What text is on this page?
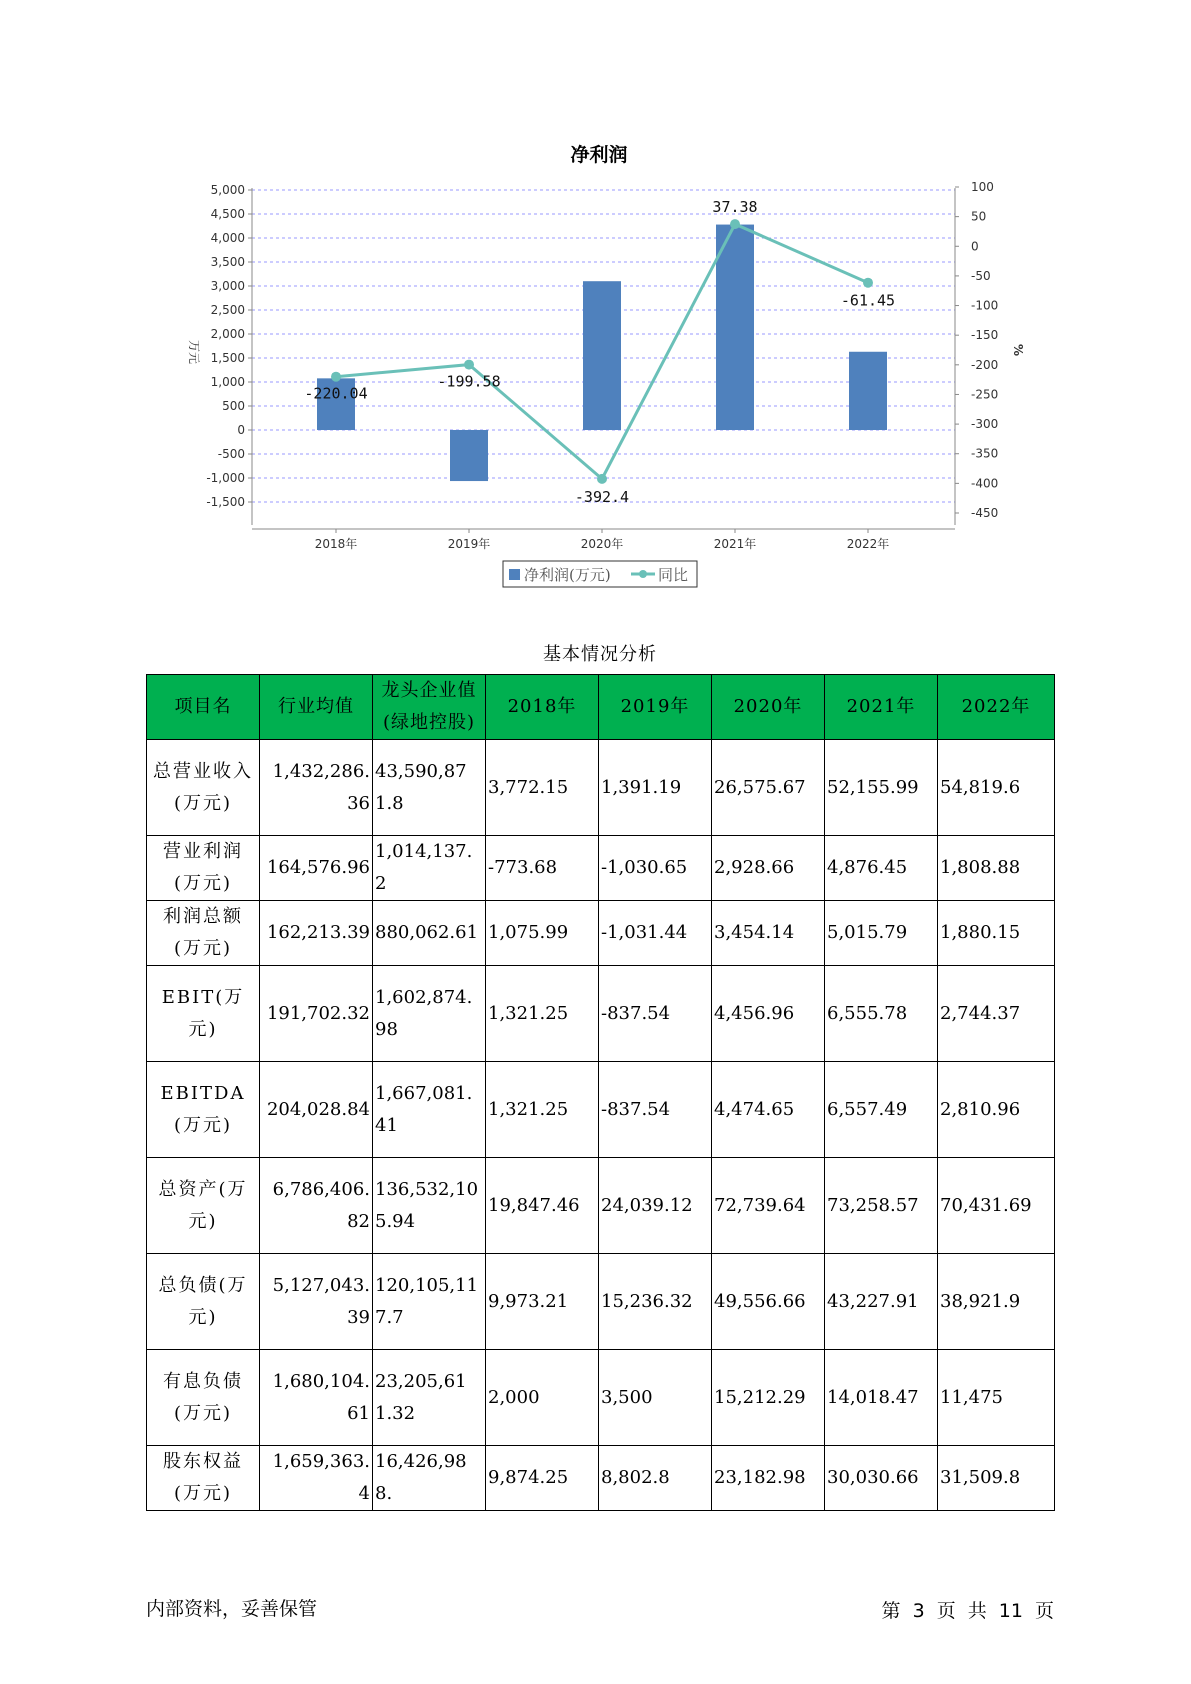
净利润
5,000
4,500
4,000
3,500
3,000
2,500
2,000
1,500
1,000
500
0
-500
-1,000
-1,500
100
50
0
-50
-100
-150
-200
-250
-300
-350
-400
-450
万元	%
2018年	2019年	2020年	2021年	2022年
-220.04
-199.58
-392.4
37.38
-61.45
净利润(万元)	同比
基本情况分析
项目名	行业均值	龙头企业值(绿地控股)	2018年	2019年	2020年	2021年	2022年
总营业收入(万元)	1,432,286.36	43,590,871.8	3,772.15	1,391.19	26,575.67	52,155.99	54,819.6
营业利润(万元)	164,576.96	1,014,137.2	-773.68	-1,030.65	2,928.66	4,876.45	1,808.88
利润总额(万元)	162,213.39	880,062.61	1,075.99	-1,031.44	3,454.14	5,015.79	1,880.15
EBIT(万元)	191,702.32	1,602,874.98	1,321.25	-837.54	4,456.96	6,555.78	2,744.37
EBITDA(万元)	204,028.84	1,667,081.41	1,321.25	-837.54	4,474.65	6,557.49	2,810.96
总资产(万元)	6,786,406.82	136,532,105.94	19,847.46	24,039.12	72,739.64	73,258.57	70,431.69
总负债(万元)	5,127,043.39	120,105,117.7	9,973.21	15,236.32	49,556.66	43,227.91	38,921.9
有息负债(万元)	1,680,104.61	23,205,611.32	2,000	3,500	15,212.29	14,018.47	11,475
股东权益(万元)	1,659,363.4	16,426,988.	9,874.25	8,802.8	23,182.98	30,030.66	31,509.8
内部资料，妥善保管	第 3 页 共 11 页
